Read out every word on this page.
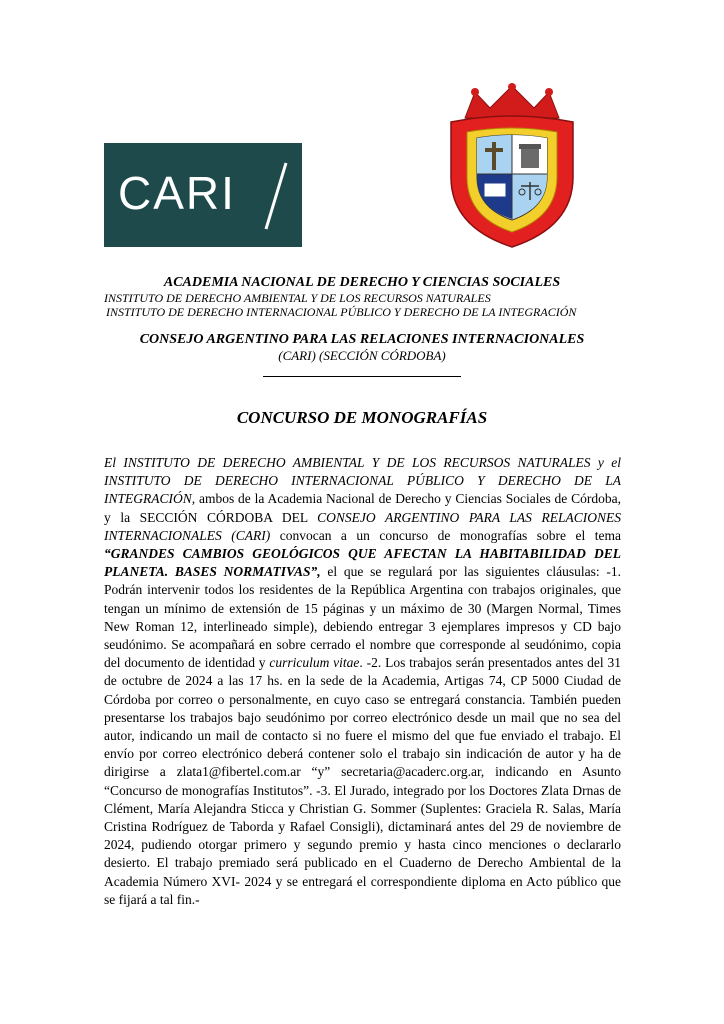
CARI
ACADEMIA NACIONAL DE DERECHO Y CIENCIAS SOCIALES
INSTITUTO DE DERECHO AMBIENTAL Y DE LOS RECURSOS NATURALES
INSTITUTO DE DERECHO INTERNACIONAL PÚBLICO Y DERECHO DE LA INTEGRACIÓN
CONSEJO ARGENTINO PARA LAS RELACIONES INTERNACIONALES
(CARI) (SECCIÓN CÓRDOBA)
CONCURSO DE MONOGRAFÍAS
El INSTITUTO DE DERECHO AMBIENTAL Y DE LOS RECURSOS NATURALES y el INSTITUTO DE DERECHO INTERNACIONAL PÚBLICO Y DERECHO DE LA INTEGRACIÓN, ambos de la Academia Nacional de Derecho y Ciencias Sociales de Córdoba, y la SECCIÓN CÓRDOBA DEL CONSEJO ARGENTINO PARA LAS RELACIONES INTERNACIONALES (CARI) convocan a un concurso de monografías sobre el tema “GRANDES CAMBIOS GEOLÓGICOS QUE AFECTAN LA HABITABILIDAD DEL PLANETA. BASES NORMATIVAS”, el que se regulará por las siguientes cláusulas: -1. Podrán intervenir todos los residentes de la República Argentina con trabajos originales, que tengan un mínimo de extensión de 15 páginas y un máximo de 30 (Margen Normal, Times New Roman 12, interlineado simple), debiendo entregar 3 ejemplares impresos y CD bajo seudónimo. Se acompañará en sobre cerrado el nombre que corresponde al seudónimo, copia del documento de identidad y curriculum vitae. -2. Los trabajos serán presentados antes del 31 de octubre de 2024 a las 17 hs. en la sede de la Academia, Artigas 74, CP 5000 Ciudad de Córdoba por correo o personalmente, en cuyo caso se entregará constancia. También pueden presentarse los trabajos bajo seudónimo por correo electrónico desde un mail que no sea del autor, indicando un mail de contacto si no fuere el mismo del que fue enviado el trabajo. El envío por correo electrónico deberá contener solo el trabajo sin indicación de autor y ha de dirigirse a zlata1@fibertel.com.ar “y” secretaria@acaderc.org.ar, indicando en Asunto “Concurso de monografías Institutos”. -3. El Jurado, integrado por los Doctores Zlata Drnas de Clément, María Alejandra Sticca y Christian G. Sommer (Suplentes: Graciela R. Salas, María Cristina Rodríguez de Taborda y Rafael Consigli), dictaminará antes del 29 de noviembre de 2024, pudiendo otorgar primero y segundo premio y hasta cinco menciones o declararlo desierto. El trabajo premiado será publicado en el Cuaderno de Derecho Ambiental de la Academia Número XVI- 2024 y se entregará el correspondiente diploma en Acto público que se fijará a tal fin.-
